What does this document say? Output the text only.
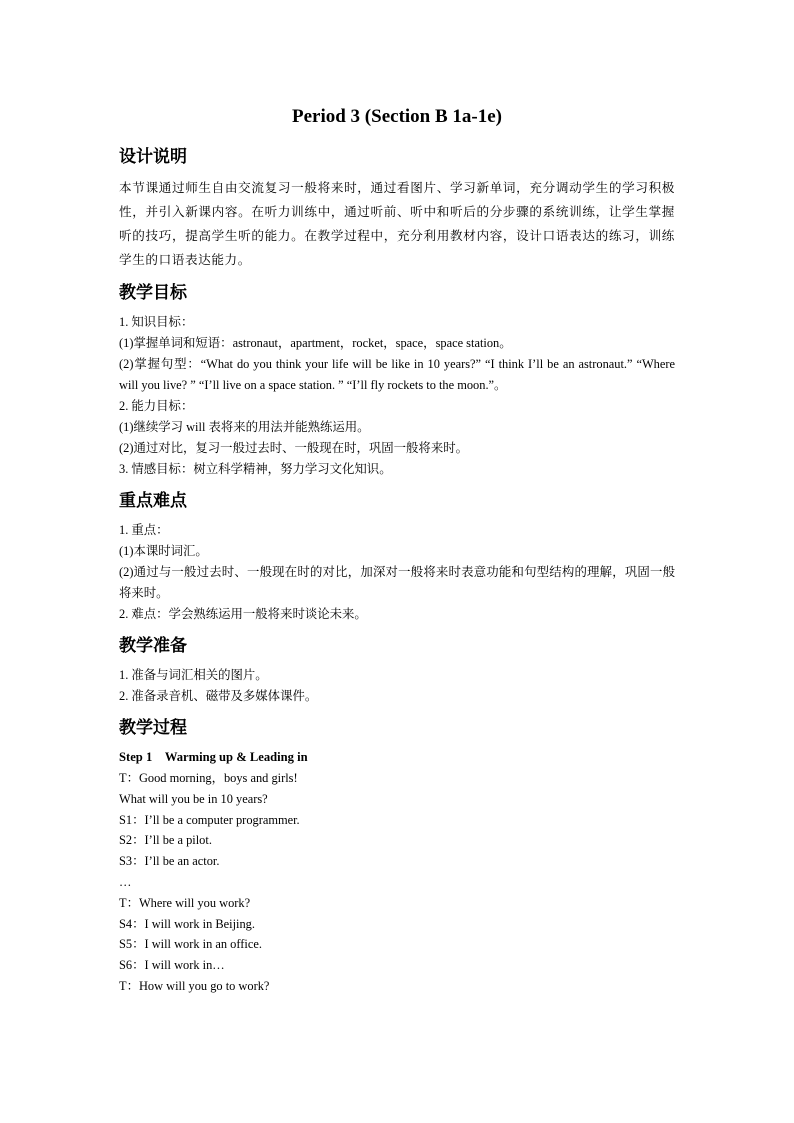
Period 3 (Section B 1a-1e)
设计说明
本节课通过师生自由交流复习一般将来时，通过看图片、学习新单词，充分调动学生的学习积极性，并引入新课内容。在听力训练中，通过听前、听中和听后的分步骤的系统训练，让学生掌握听的技巧，提高学生听的能力。在教学过程中，充分利用教材内容，设计口语表达的练习，训练学生的口语表达能力。
教学目标
1. 知识目标：
(1)掌握单词和短语：astronaut，apartment，rocket，space，space station。
(2)掌握句型：“What do you think your life will be like in 10 years?” “I think I’ll be an astronaut.” “Where will you live? ” “I’ll live on a space station. ” “I’ll fly rockets to the moon.”。
2. 能力目标：
(1)继续学习 will 表将来的用法并能熟练运用。
(2)通过对比，复习一般过去时、一般现在时，巩固一般将来时。
3. 情感目标：树立科学精神，努力学习文化知识。
重点难点
1. 重点：
(1)本课时词汇。
(2)通过与一般过去时、一般现在时的对比，加深对一般将来时表意功能和句型结构的理解，巩固一般将来时。
2. 难点：学会熟练运用一般将来时谈论未来。
教学准备
1. 准备与词汇相关的图片。
2. 准备录音机、磁带及多媒体课件。
教学过程
Step 1　Warming up & Leading in
T：Good morning，boys and girls!
What will you be in 10 years?
S1：I’ll be a computer programmer.
S2：I’ll be a pilot.
S3：I’ll be an actor.
…
T：Where will you work?
S4：I will work in Beijing.
S5：I will work in an office.
S6：I will work in…
T：How will you go to work?
